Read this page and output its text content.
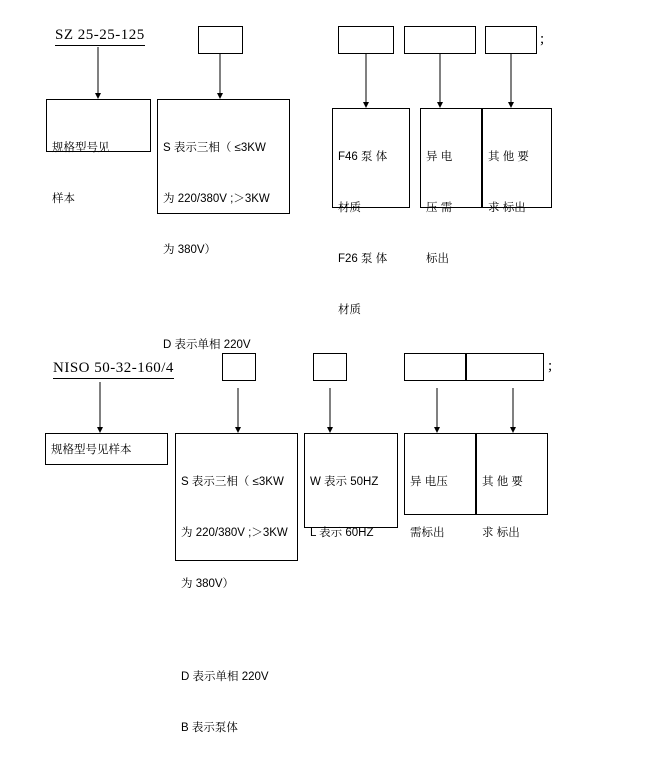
SZ 25-25-125	;

规格型号见

样本

S 表示三相（ ≤3KW

为 220/380V ;＞3KW

为 380V）

D 表示单相 220V

F46 泵 体

材质

F26 泵 体

材质

异 电

压 需

标出

其 他 要

求 标出

NISO 50-32-160/4	;
规格型号见样本

S 表示三相（ ≤3KW

为 220/380V ;＞3KW

为 380V）

D 表示单相 220V

B 表示泵体

W 表示 50HZ

L 表示 60HZ

异 电压

需标出

其 他 要

求 标出
